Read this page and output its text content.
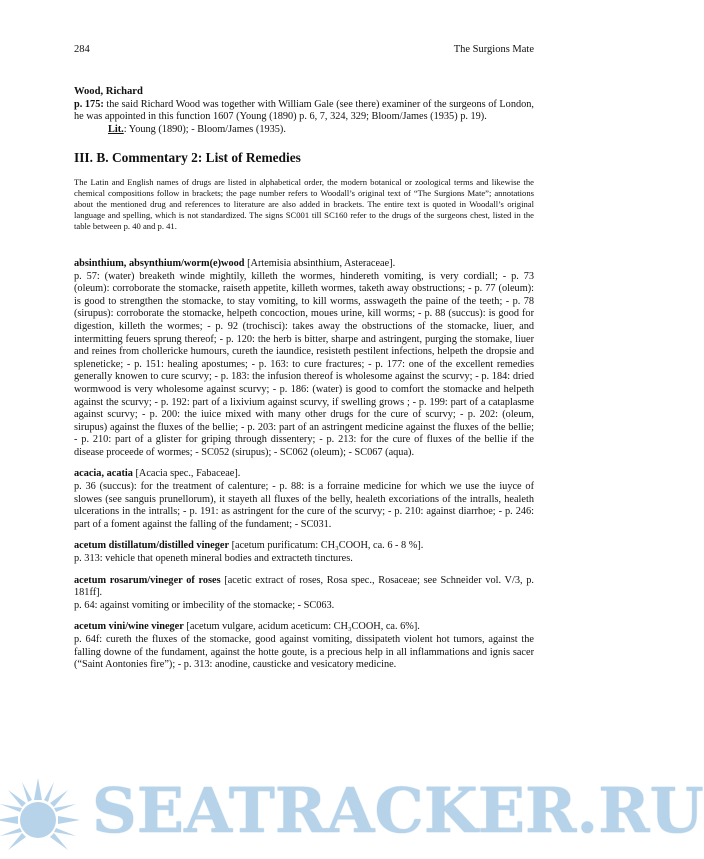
284	The Surgions Mate
Wood, Richard
p. 175: the said Richard Wood was together with William Gale (see there) examiner of the surgeons of London, he was appointed in this function 1607 (Young (1890) p. 6, 7, 324, 329; Bloom/James (1935) p. 19).
Lit.: Young (1890); - Bloom/James (1935).
III. B. Commentary 2: List of Remedies
The Latin and English names of drugs are listed in alphabetical order, the modern botanical or zoological terms and likewise the chemical compositions follow in brackets; the page number refers to Woodall’s original text of “The Surgions Mate”; annotations about the mentioned drug and references to literature are also added in brackets. The entire text is quoted in Woodall’s original language and spelling, which is not standardized. The signs SC001 till SC160 refer to the drugs of the surgeons chest, listed in the table between p. 40 and p. 41.

absinthium, absynthium/worm(e)wood [Artemisia absinthium, Asteraceae].

p. 57: (water) breaketh winde mightily, killeth the wormes, hindereth vomiting, is very cordiall; - p. 73 (oleum): corroborate the stomacke, raiseth appetite, killeth wormes, taketh away obstructions; - p. 77 (oleum): is good to strengthen the stomacke, to stay vomiting, to kill worms, asswageth the paine of the teeth; - p. 78 (sirupus): corroborate the stomacke, helpeth concoction, moues urine, kill worms; - p. 88 (succus): is good for digestion, killeth the wormes; - p. 92 (trochisci): takes away the obstructions of the stomacke, liuer, and intermitting feuers sprung thereof; - p. 120: the herb is bitter, sharpe and astringent, purging the stomake, liuer and reines from chollericke humours, cureth the iaundice, resisteth pestilent infections, helpeth the dropsie and spleneticke; - p. 151: healing apostumes; - p. 163: to cure fractures; - p. 177: one of the excellent remedies generally knowen to cure scurvy; - p. 183: the infusion thereof is wholesome against the scurvy; - p. 184: dried wormwood is very wholesome against scurvy; - p. 186: (water) is good to comfort the stomacke and helpeth against the scurvy; - p. 192: part of a lixivium against scurvy, if swelling grows ; - p. 199: part of a cataplasme against scurvy; - p. 200: the iuice mixed with many other drugs for the cure of scurvy; - p. 202: (oleum, sirupus) against the fluxes of the bellie; - p. 203: part of an astringent medicine against the fluxes of the bellie; - p. 210: part of a glister for griping through dissentery; - p. 213: for the cure of fluxes of the bellie if the disease proceede of wormes; - SC052 (sirupus); - SC062 (oleum); - SC067 (aqua).

acacia, acatia [Acacia spec., Fabaceae].

p. 36 (succus): for the treatment of calenture; - p. 88: is a forraine medicine for which we use the iuyce of slowes (see sanguis prunellorum), it stayeth all fluxes of the belly, healeth excoriations of the intralls, healeth ulcerations in the intralls; - p. 191: as astringent for the cure of the scurvy; - p. 210: against diarrhoe; - p. 246: part of a foment against the falling of the fundament; - SC031.

acetum distillatum/distilled vineger [acetum purificatum: CH₃COOH, ca. 6 - 8 %].

p. 313: vehicle that openeth mineral bodies and extracteth tinctures.

acetum rosarum/vineger of roses [acetic extract of roses, Rosa spec., Rosaceae; see Schneider vol. V/3, p. 181ff].

p. 64: against vomiting or imbecility of the stomacke; - SC063.

acetum vini/wine vineger [acetum vulgare, acidum aceticum: CH₃COOH, ca. 6%].

p. 64f: cureth the fluxes of the stomacke, good against vomiting, dissipateth violent hot tumors, against the falling downe of the fundament, against the hotte goute, is a precious help in all inflammations and ignis sacer (“Saint Aontonies fire”); - p. 313: anodine, causticke and vesicatory medicine.

SEATRACKER.RU
